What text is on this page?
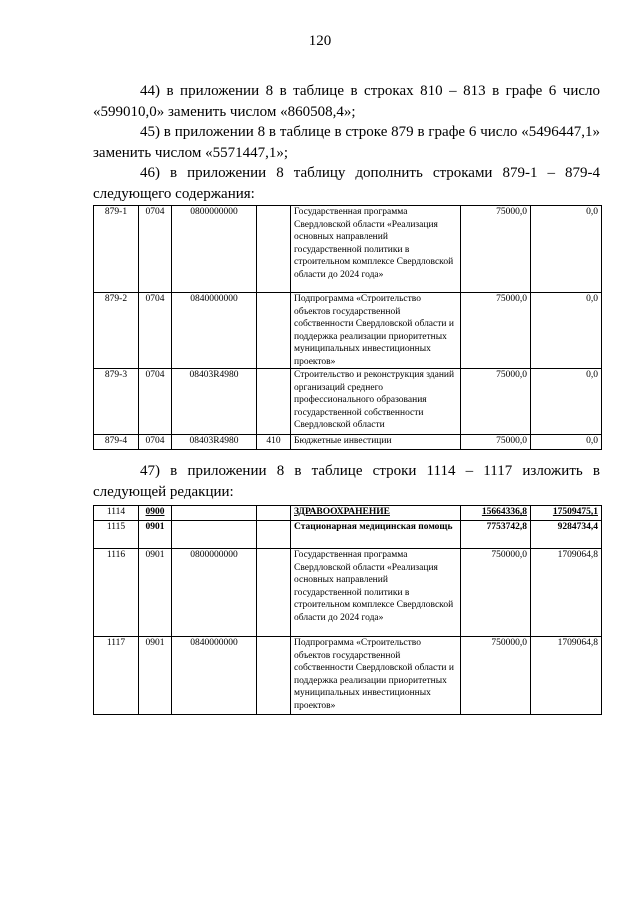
120
44) в приложении 8 в таблице в строках 810 – 813 в графе 6 число «599010,0» заменить числом «860508,4»;
45) в приложении 8 в таблице в строке 879 в графе 6 число «5496447,1» заменить числом «5571447,1»;
46) в приложении 8 таблицу дополнить строками 879-1 – 879-4 следующего содержания:
879-1	0704	0800000000		Государственная программа Свердловской области «Реализация основных направлений государственной политики в строительном комплексе Свердловской области до 2024 года»	75000,0	0,0
879-2	0704	0840000000		Подпрограмма «Строительство объектов государственной собственности Свердловской области и поддержка реализации приоритетных муниципальных инвестиционных проектов»	75000,0	0,0
879-3	0704	08403R4980		Строительство и реконструкция зданий организаций среднего профессионального образования государственной собственности Свердловской области	75000,0	0,0
879-4	0704	08403R4980	410	Бюджетные инвестиции	75000,0	0,0
47) в приложении 8 в таблице строки 1114 – 1117 изложить в следующей редакции:
1114	0900			ЗДРАВООХРАНЕНИЕ	15664336,8	17509475,1
1115	0901			Стационарная медицинская помощь	7753742,8	9284734,4
1116	0901	0800000000		Государственная программа Свердловской области «Реализация основных направлений государственной политики в строительном комплексе Свердловской области до 2024 года»	750000,0	1709064,8
1117	0901	0840000000		Подпрограмма «Строительство объектов государственной собственности Свердловской области и поддержка реализации приоритетных муниципальных инвестиционных проектов»	750000,0	1709064,8
